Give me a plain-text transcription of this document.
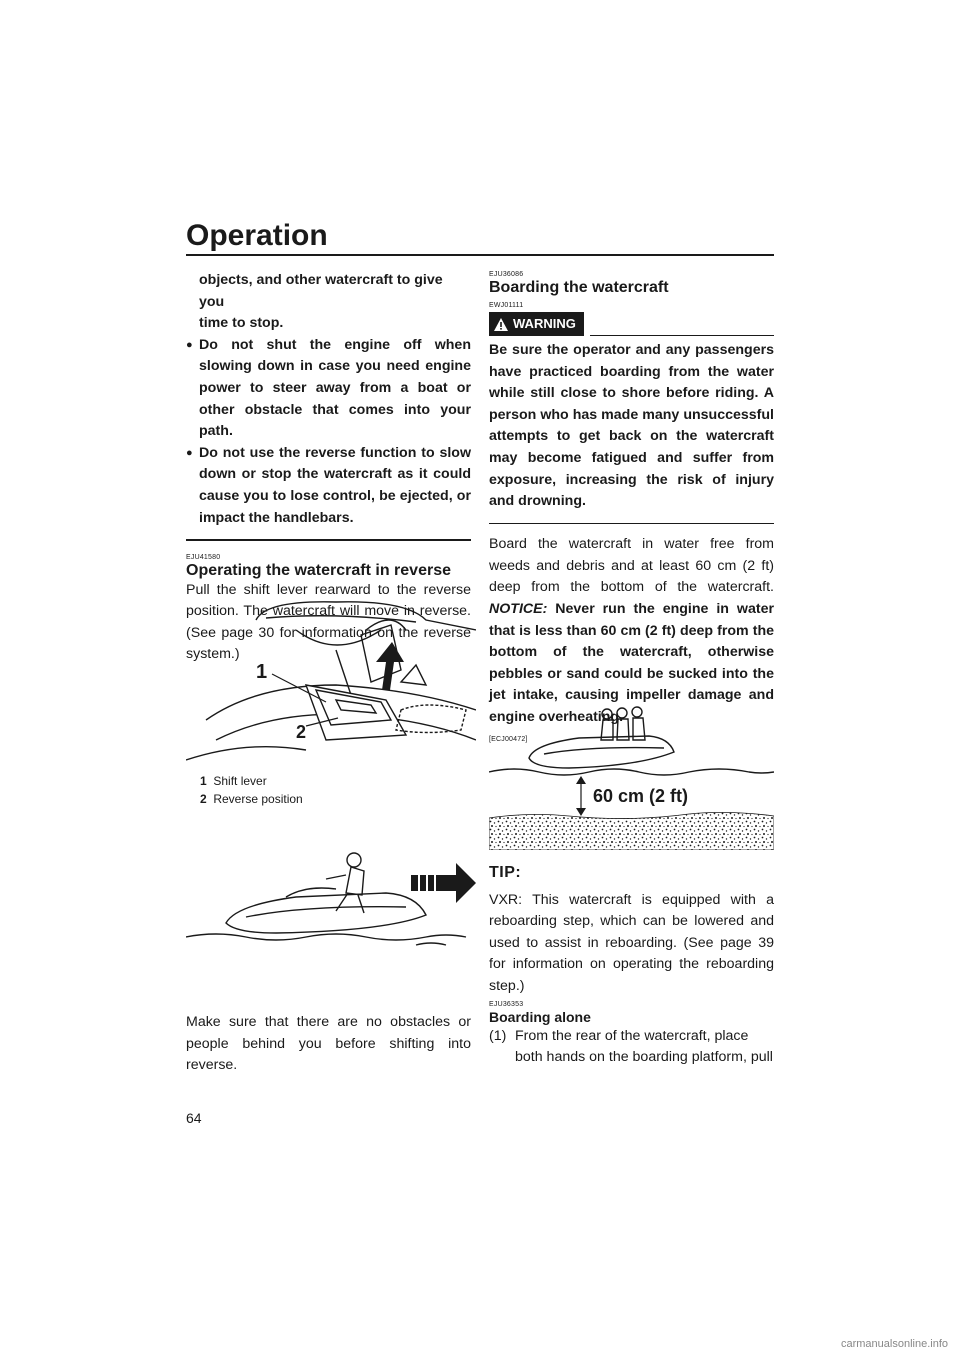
Operation
objects, and other watercraft to give you
time to stop.
● Do not shut the engine off when slowing down in case you need engine power to steer away from a boat or other obstacle that comes into your path.
● Do not use the reverse function to slow down or stop the watercraft as it could cause you to lose control, be ejected, or impact the handlebars.
EJU41580
Operating the watercraft in reverse

Pull the shift lever rearward to the reverse position. The watercraft will move in reverse. (See page 30 for information on the reverse system.)

1
2
1 Shift lever
2 Reverse position
Make sure that there are no obstacles or people behind you before shifting into reverse.
EJU36086
Boarding the watercraft
EWJ01111
WARNING

Be sure the operator and any passengers have practiced boarding from the water while still close to shore before riding. A person who has made many unsuccessful attempts to get back on the watercraft may become fatigued and suffer from exposure, increasing the risk of injury and drowning.

Board the watercraft in water free from weeds and debris and at least 60 cm (2 ft) deep from the bottom of the watercraft. NOTICE: Never run the engine in water that is less than 60 cm (2 ft) deep from the bottom of the watercraft, otherwise pebbles or sand could be sucked into the jet intake, causing impeller damage and engine overheating.

[ECJ00472]
60 cm (2 ft)
TIP:

VXR: This watercraft is equipped with a reboarding step, which can be lowered and used to assist in reboarding. (See page 39 for information on operating the reboarding step.)

EJU36353
Boarding alone
(1) From the rear of the watercraft, place both hands on the boarding platform, pull
64
carmanualsonline.info
